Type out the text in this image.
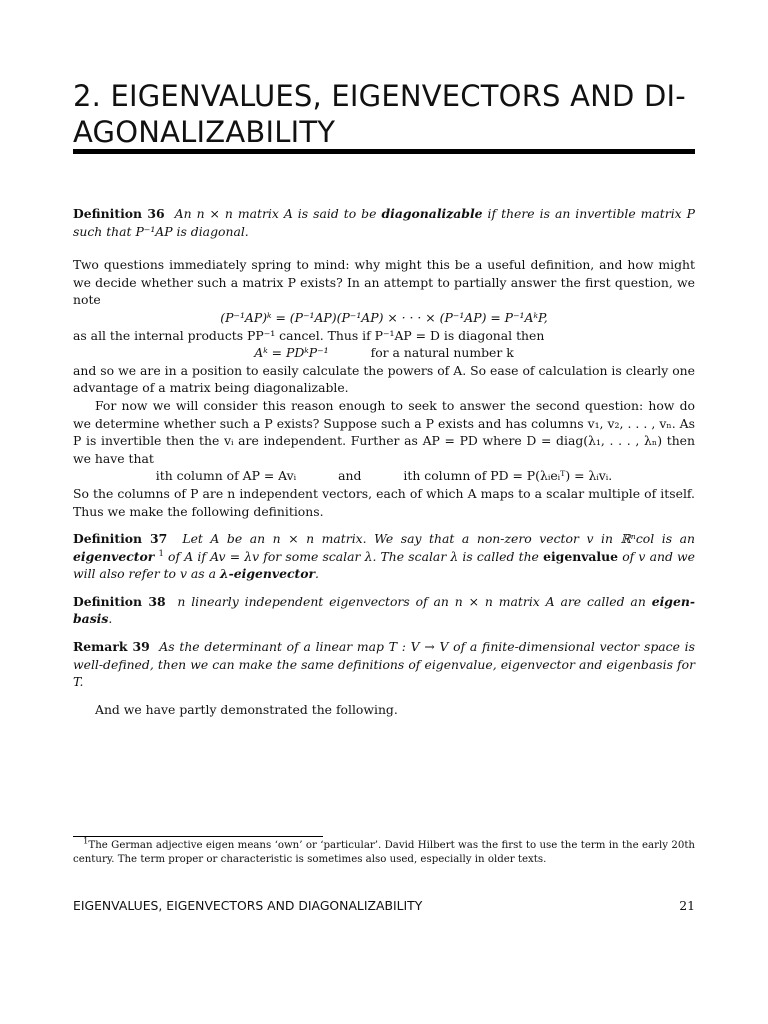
2. EIGENVALUES, EIGENVECTORS AND DI-AGONALIZABILITY

Definition 36 An n × n matrix A is said to be diagonalizable if there is an invertible matrix P such that P⁻¹AP is diagonal.

Two questions immediately spring to mind: why might this be a useful definition, and how might we decide whether such a matrix P exists? In an attempt to partially answer the first question, we note

(P⁻¹AP)ᵏ = (P⁻¹AP)(P⁻¹AP) × · · · × (P⁻¹AP) = P⁻¹AᵏP,

as all the internal products PP⁻¹ cancel. Thus if P⁻¹AP = D is diagonal then

Aᵏ = PDᵏP⁻¹	for a natural number k

and so we are in a position to easily calculate the powers of A. So ease of calculation is clearly one advantage of a matrix being diagonalizable.

For now we will consider this reason enough to seek to answer the second question: how do we determine whether such a P exists? Suppose such a P exists and has columns v₁, v₂, . . . , vₙ. As P is invertible then the vᵢ are independent. Further as AP = PD where D = diag(λ₁, . . . , λₙ) then we have that

ith column of AP = Avᵢ	and	ith column of PD = P(λᵢeᵢᵀ) = λᵢvᵢ.

So the columns of P are n independent vectors, each of which A maps to a scalar multiple of itself. Thus we make the following definitions.

Definition 37 Let A be an n × n matrix. We say that a non-zero vector v in ℝⁿcol is an eigenvector $^1$ of A if Av = λv for some scalar λ. The scalar λ is called the eigenvalue of v and we will also refer to v as a λ-eigenvector.

Definition 38 n linearly independent eigenvectors of an n × n matrix A are called an eigen-basis.

Remark 39 As the determinant of a linear map T : V → V of a finite-dimensional vector space is well-defined, then we can make the same definitions of eigenvalue, eigenvector and eigenbasis for T.

And we have partly demonstrated the following.

$^1$The German adjective eigen means ‘own’ or ‘particular’. David Hilbert was the first to use the term in the early 20th century. The term proper or characteristic is sometimes also used, especially in older texts.
EIGENVALUES, EIGENVECTORS AND DIAGONALIZABILITY	21
